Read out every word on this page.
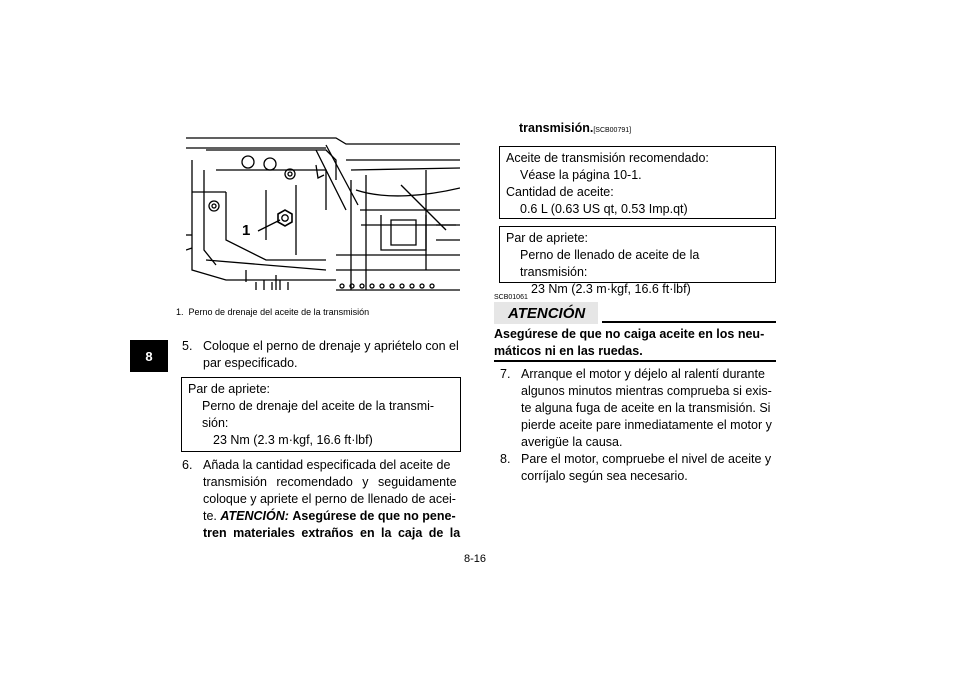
8
1
1. Perno de drenaje del aceite de la transmisión
5. Coloque el perno de drenaje y apriételo con el
par especificado.
Par de apriete:
Perno de drenaje del aceite de la transmi-
sión:
23 Nm (2.3 m·kgf, 16.6 ft·lbf)
6. Añada la cantidad especificada del aceite de
transmisión recomendado y seguidamente
coloque y apriete el perno de llenado de acei-
te. ATENCIÓN: Asegúrese de que no pene-
tren materiales extraños en la caja de la
transmisión.[SCB00791]
Aceite de transmisión recomendado:
Véase la página 10-1.
Cantidad de aceite:
0.6 L (0.63 US qt, 0.53 Imp.qt)
Par de apriete:
Perno de llenado de aceite de la transmisión:
23 Nm (2.3 m·kgf, 16.6 ft·lbf)
SCB01061
ATENCIÓN
Asegúrese de que no caiga aceite en los neu-
máticos ni en las ruedas.
7. Arranque el motor y déjelo al ralentí durante
algunos minutos mientras comprueba si exis-
te alguna fuga de aceite en la transmisión. Si
pierde aceite pare inmediatamente el motor y
averigüe la causa.
8. Pare el motor, compruebe el nivel de aceite y
corríjalo según sea necesario.
8-16
